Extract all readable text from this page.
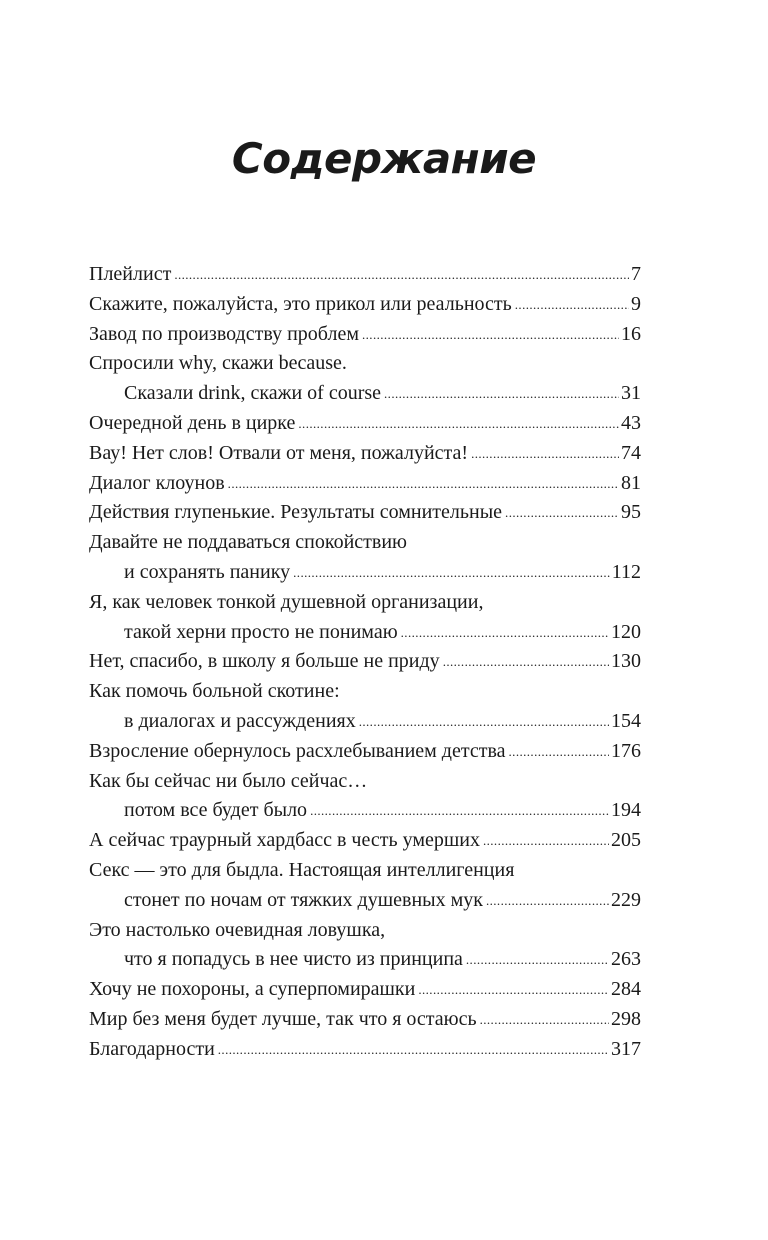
Содержание
Плейлист .....	7
Скажите, пожалуйста, это прикол или реальность .....	9
Завод по производству проблем .....	16
Спросили why, скажи because.
Сказали drink, скажи of course .....	31
Очередной день в цирке .....	43
Вау! Нет слов! Отвали от меня, пожалуйста! .....	74
Диалог клоунов .....	81
Действия глупенькие. Результаты сомнительные .....	95
Давайте не поддаваться спокойствию
и сохранять панику .....	112
Я, как человек тонкой душевной организации,
такой херни просто не понимаю .....	120
Нет, спасибо, в школу я больше не приду .....	130
Как помочь больной скотине:
в диалогах и рассуждениях .....	154
Взросление обернулось расхлебыванием детства .....	176
Как бы сейчас ни было сейчас…
потом все будет было .....	194
А сейчас траурный хардбасс в честь умерших .....	205
Секс — это для быдла. Настоящая интеллигенция
стонет по ночам от тяжких душевных мук .....	229
Это настолько очевидная ловушка,
что я попадусь в нее чисто из принципа .....	263
Хочу не похороны, а суперпомирашки .....	284
Мир без меня будет лучше, так что я остаюсь .....	298
Благодарности .....	317
